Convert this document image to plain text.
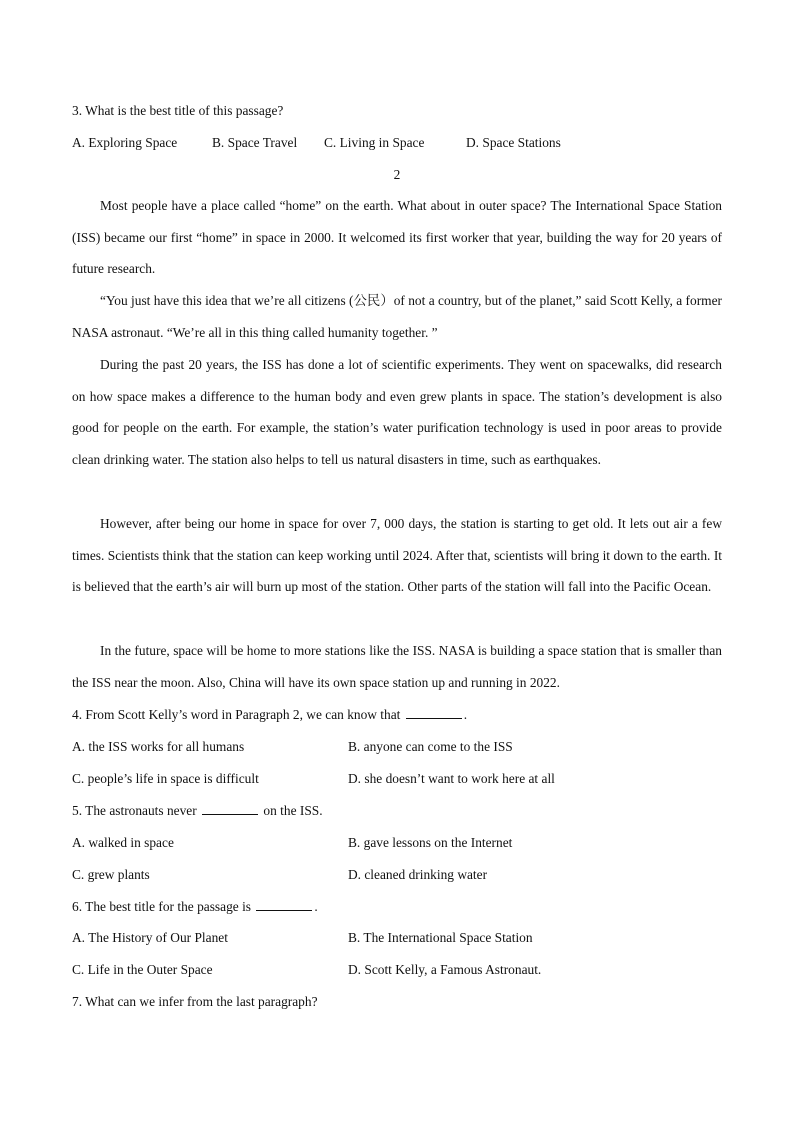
3. What is the best title of this passage?
A. Exploring Space	B. Space Travel C. Living in Space	D. Space Stations
2

Most people have a place called “home” on the earth. What about in outer space? The International Space Station (ISS) became our first “home” in space in 2000. It welcomed its first worker that year, building the way for 20 years of future research.

“You just have this idea that we’re all citizens (公民）of not a country, but of the planet,” said Scott Kelly, a former NASA astronaut. “We’re all in this thing called humanity together. ”

During the past 20 years, the ISS has done a lot of scientific experiments. They went on spacewalks, did research on how space makes a difference to the human body and even grew plants in space. The station’s development is also good for people on the earth. For example, the station’s water purification technology is used in poor areas to provide clean drinking water. The station also helps to tell us natural disasters in time, such as earthquakes.

However, after being our home in space for over 7, 000 days, the station is starting to get old. It lets out air a few times. Scientists think that the station can keep working until 2024. After that, scientists will bring it down to the earth. It is believed that the earth’s air will burn up most of the station. Other parts of the station will fall into the Pacific Ocean.

In the future, space will be home to more stations like the ISS. NASA is building a space station that is smaller than the ISS near the moon. Also, China will have its own space station up and running in 2022.

4. From Scott Kelly’s word in Paragraph 2, we can know that	.
A. the ISS works for all humans	B. anyone can come to the ISS
C. people’s life in space is difficult	D. she doesn’t want to work here at all
5. The astronauts never	on the ISS.
A. walked in space	B. gave lessons on the Internet
C. grew plants	D. cleaned drinking water
6. The best title for the passage is	.
A. The History of Our Planet	B. The International Space Station
C. Life in the Outer Space	D. Scott Kelly, a Famous Astronaut.
7. What can we infer from the last paragraph?
